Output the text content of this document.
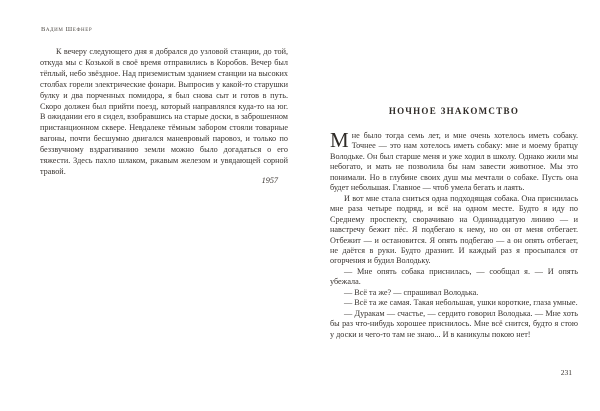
Вадим Шефнер

К вечеру следующего дня я добрался до узловой станции, до той, откуда мы с Козькой в своё время отправились в Коробов. Вечер был тёплый, небо звёздное. Над приземистым зданием станции на высоких столбах горели электрические фонари. Выпросив у какой-то старушки булку и два порченных помидора, я был снова сыт и готов в путь. Скоро должен был прийти поезд, который направлялся куда-то на юг. В ожидании его я сидел, взобравшись на старые доски, в заброшенном пристанционном сквере. Невдалеке тёмным забором стояли товарные вагоны, почти бесшумно двигался маневровый паровоз, и только по беззвучному вздрагиванию земли можно было догадаться о его тяжести. Здесь пахло шлаком, ржавым железом и увядающей сорной травой.

1957
НОЧНОЕ ЗНАКОМСТВО

Мне было тогда семь лет, и мне очень хотелось иметь собаку. Точнее — это нам хотелось иметь собаку: мне и моему братцу Володьке. Он был старше меня и уже ходил в школу. Однако жили мы небогато, и мать не позволила бы нам завести животное. Мы это понимали. Но в глубине своих душ мы мечтали о собаке. Пусть она будет небольшая. Главное — чтоб умела бегать и лаять.

И вот мне стала сниться одна подходящая собака. Она приснилась мне раза четыре подряд, и всё на одном месте. Будто я иду по Среднему проспекту, сворачиваю на Одиннадцатую линию — и навстречу бежит пёс. Я подбегаю к нему, но он от меня отбегает. Отбежит — и остановится. Я опять подбегаю — а он опять отбегает, не даётся в руки. Будто дразнит. И каждый раз я просыпался от огорчения и будил Володьку.

— Мне опять собака приснилась, — сообщал я. — И опять убежала.

— Всё та же? — спрашивал Володька.

— Всё та же самая. Такая небольшая, ушки короткие, глаза умные.

— Дуракам — счастье, — сердито говорил Володька. — Мне хоть бы раз что-нибудь хорошее приснилось. Мне всё снится, будто я стою у доски и чего-то там не знаю... И в каникулы покою нет!

231
